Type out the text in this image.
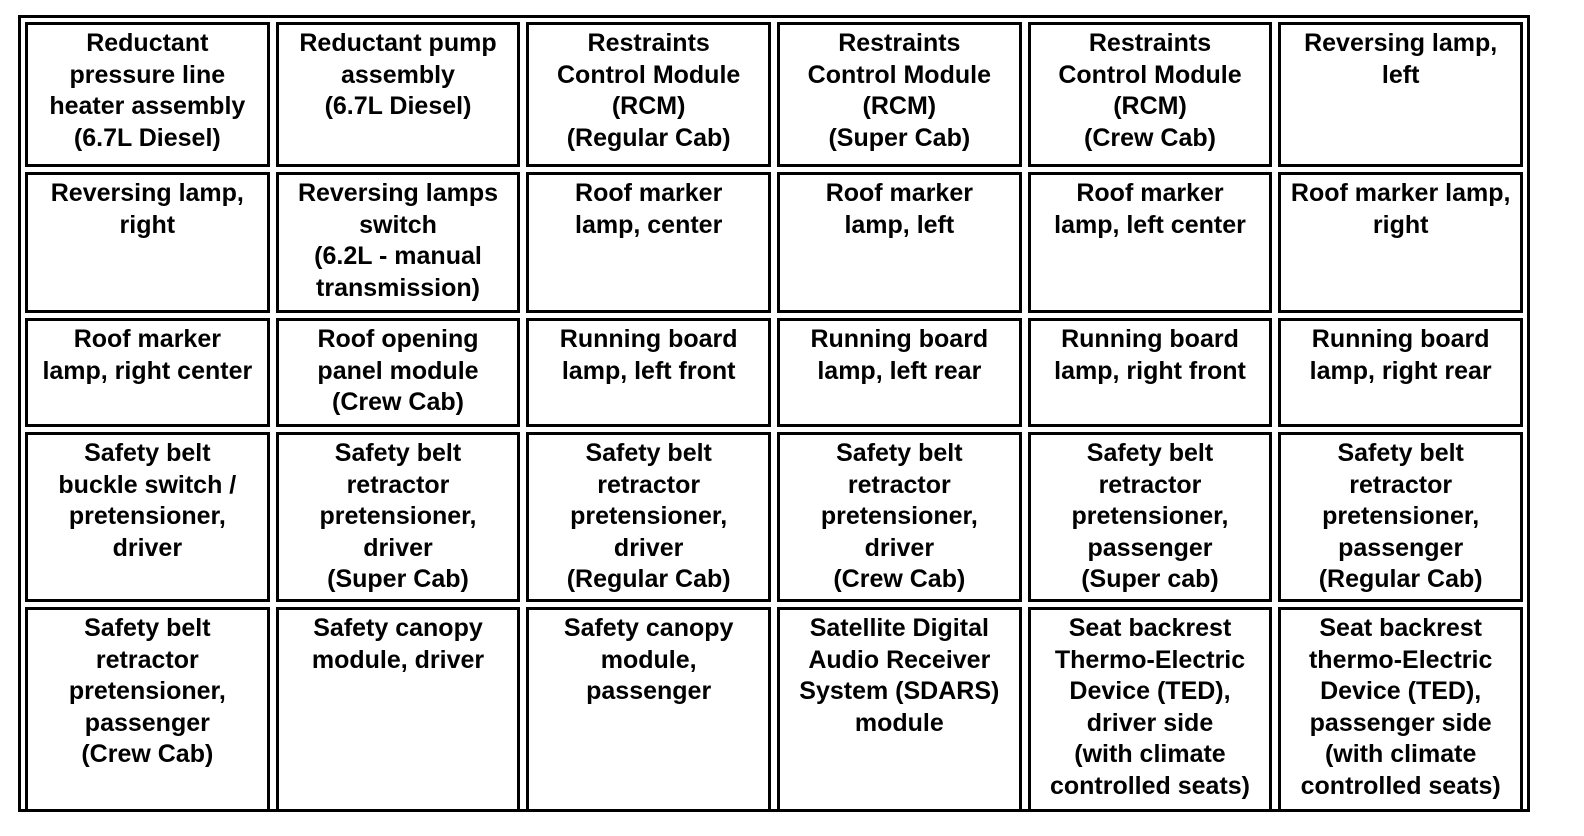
Reductant
pressure line
heater assembly
(6.7L Diesel)
Reductant pump
assembly
(6.7L Diesel)
Restraints
Control Module
(RCM)
(Regular Cab)
Restraints
Control Module
(RCM)
(Super Cab)
Restraints
Control Module
(RCM)
(Crew Cab)
Reversing lamp,
left
Reversing lamp,
right
Reversing lamps
switch
(6.2L - manual
transmission)
Roof marker
lamp, center
Roof marker
lamp, left
Roof marker
lamp, left center
Roof marker lamp,
right
Roof marker
lamp, right center
Roof opening
panel module
(Crew Cab)
Running board
lamp, left front
Running board
lamp, left rear
Running board
lamp, right front
Running board
lamp, right rear
Safety belt
buckle switch /
pretensioner,
driver
Safety belt
retractor
pretensioner,
driver
(Super Cab)
Safety belt
retractor
pretensioner,
driver
(Regular Cab)
Safety belt
retractor
pretensioner,
driver
(Crew Cab)
Safety belt
retractor
pretensioner,
passenger
(Super cab)
Safety belt
retractor
pretensioner,
passenger
(Regular Cab)
Safety belt
retractor
pretensioner,
passenger
(Crew Cab)
Safety canopy
module, driver
Safety canopy
module,
passenger
Satellite Digital
Audio Receiver
System (SDARS)
module
Seat backrest
Thermo-Electric
Device (TED),
driver side
(with climate
controlled seats)
Seat backrest
thermo-Electric
Device (TED),
passenger side
(with climate
controlled seats)
